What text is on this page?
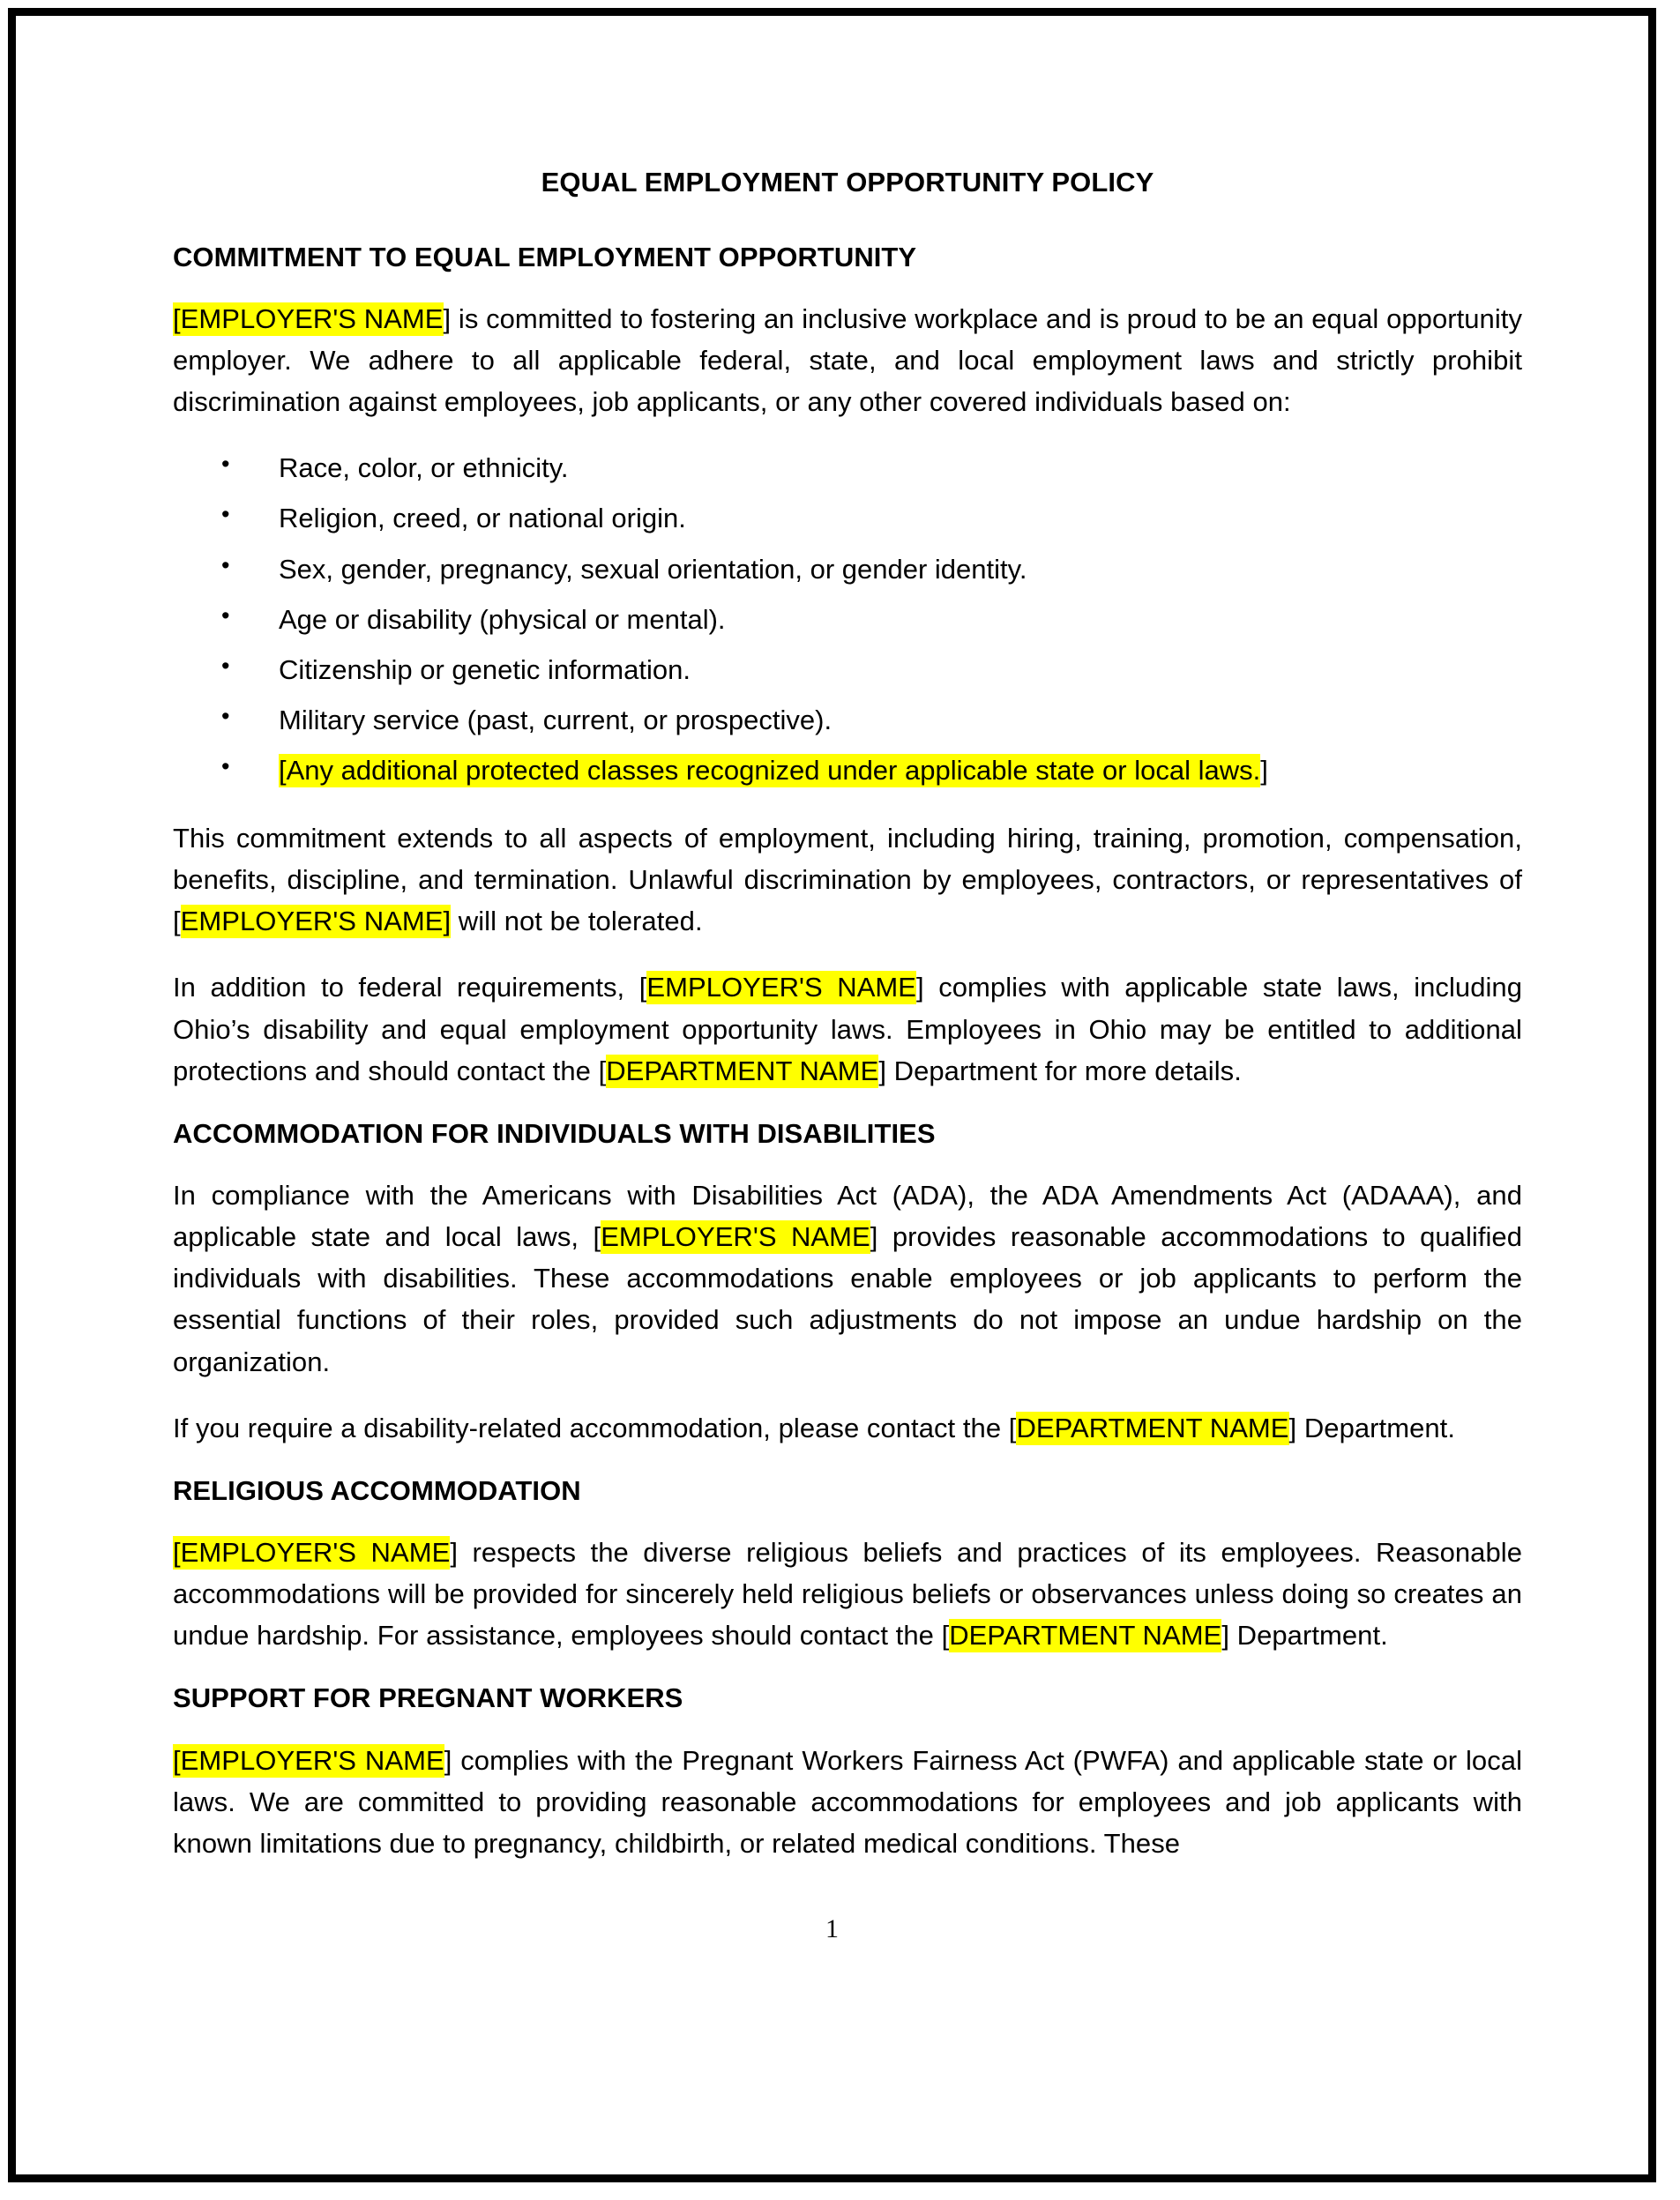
EQUAL EMPLOYMENT OPPORTUNITY POLICY
COMMITMENT TO EQUAL EMPLOYMENT OPPORTUNITY

[EMPLOYER'S NAME] is committed to fostering an inclusive workplace and is proud to be an equal opportunity employer. We adhere to all applicable federal, state, and local employment laws and strictly prohibit discrimination against employees, job applicants, or any other covered individuals based on:

• Race, color, or ethnicity.
• Religion, creed, or national origin.
• Sex, gender, pregnancy, sexual orientation, or gender identity.
• Age or disability (physical or mental).
• Citizenship or genetic information.
• Military service (past, current, or prospective).
• [Any additional protected classes recognized under applicable state or local laws.]

This commitment extends to all aspects of employment, including hiring, training, promotion, compensation, benefits, discipline, and termination. Unlawful discrimination by employees, contractors, or representatives of [EMPLOYER'S NAME] will not be tolerated.

In addition to federal requirements, [EMPLOYER'S NAME] complies with applicable state laws, including Ohio’s disability and equal employment opportunity laws. Employees in Ohio may be entitled to additional protections and should contact the [DEPARTMENT NAME] Department for more details.

ACCOMMODATION FOR INDIVIDUALS WITH DISABILITIES

In compliance with the Americans with Disabilities Act (ADA), the ADA Amendments Act (ADAAA), and applicable state and local laws, [EMPLOYER'S NAME] provides reasonable accommodations to qualified individuals with disabilities. These accommodations enable employees or job applicants to perform the essential functions of their roles, provided such adjustments do not impose an undue hardship on the organization.

If you require a disability-related accommodation, please contact the [DEPARTMENT NAME] Department.

RELIGIOUS ACCOMMODATION

[EMPLOYER'S NAME] respects the diverse religious beliefs and practices of its employees. Reasonable accommodations will be provided for sincerely held religious beliefs or observances unless doing so creates an undue hardship. For assistance, employees should contact the [DEPARTMENT NAME] Department.

SUPPORT FOR PREGNANT WORKERS

[EMPLOYER'S NAME] complies with the Pregnant Workers Fairness Act (PWFA) and applicable state or local laws. We are committed to providing reasonable accommodations for employees and job applicants with known limitations due to pregnancy, childbirth, or related medical conditions. These

1
